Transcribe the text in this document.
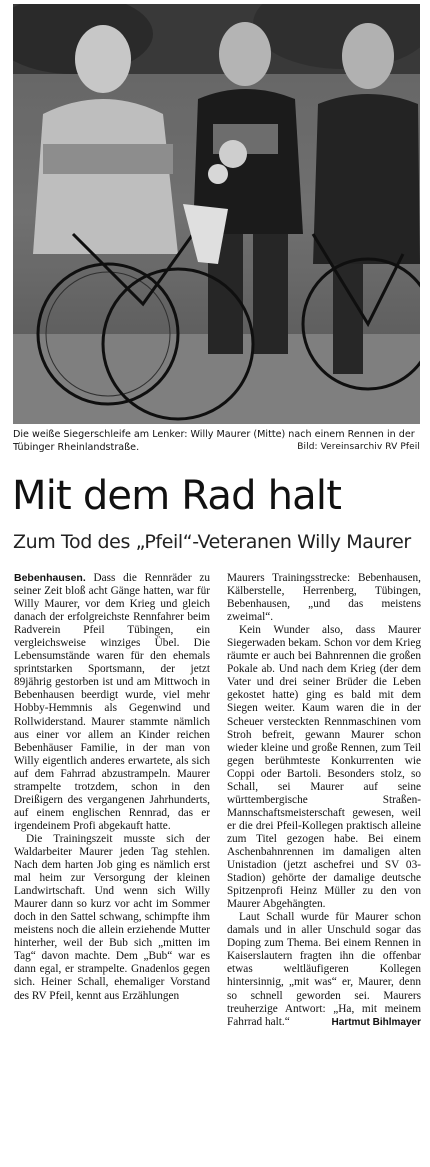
Die weiße Siegerschleife am Lenker: Willy Maurer (Mitte) nach einem Rennen in der Tübinger Rheinlandstraße.	Bild: Vereinsarchiv RV Pfeil
Mit dem Rad halt
Zum Tod des „Pfeil“-Veteranen Willy Maurer

Bebenhausen. Dass die Rennräder zu seiner Zeit bloß acht Gänge hatten, war für Willy Maurer, vor dem Krieg und gleich danach der erfolgreichste Rennfahrer beim Radverein Pfeil Tübingen, ein vergleichsweise winziges Übel. Die Lebensumstände waren für den ehemals sprintstarken Sportsmann, der jetzt 89jährig gestorben ist und am Mittwoch in Bebenhausen beerdigt wurde, viel mehr Hobby-Hemmnis als Gegenwind und Rollwiderstand. Maurer stammte nämlich aus einer vor allem an Kinder reichen Bebenhäuser Familie, in der man von Willy eigentlich anderes erwartete, als sich auf dem Fahrrad abzustrampeln. Maurer strampelte trotzdem, schon in den Dreißigern des vergangenen Jahrhunderts, auf einem englischen Rennrad, das er irgendeinem Profi abgekauft hatte.

Die Trainingszeit musste sich der Waldarbeiter Maurer jeden Tag stehlen. Nach dem harten Job ging es nämlich erst mal heim zur Versorgung der kleinen Landwirtschaft. Und wenn sich Willy Maurer dann so kurz vor acht im Sommer doch in den Sattel schwang, schimpfte ihm meistens noch die allein erziehende Mutter hinterher, weil der Bub sich „mitten im Tag“ davon machte. Dem „Bub“ war es dann egal, er strampelte. Gnadenlos gegen sich. Heiner Schall, ehemaliger Vorstand des RV Pfeil, kennt aus Erzählungen

Maurers Trainingsstrecke: Bebenhausen, Kälberstelle, Herrenberg, Tübingen, Bebenhausen, „und das meistens zweimal“.

Kein Wunder also, dass Maurer Siegerwaden bekam. Schon vor dem Krieg räumte er auch bei Bahnrennen die großen Pokale ab. Und nach dem Krieg (der dem Vater und drei seiner Brüder die Leben gekostet hatte) ging es bald mit dem Siegen weiter. Kaum waren die in der Scheuer versteckten Rennmaschinen vom Stroh befreit, gewann Maurer schon wieder kleine und große Rennen, zum Teil gegen berühmteste Konkurrenten wie Coppi oder Bartoli. Besonders stolz, so Schall, sei Maurer auf seine württembergische Straßen-Mannschaftsmeisterschaft gewesen, weil er die drei Pfeil-Kollegen praktisch alleine zum Titel gezogen habe. Bei einem Aschenbahnrennen im damaligen alten Unistadion (jetzt aschefrei und SV 03-Stadion) gehörte der damalige deutsche Spitzenprofi Heinz Müller zu den von Maurer Abgehängten.

Laut Schall wurde für Maurer schon damals und in aller Unschuld sogar das Doping zum Thema. Bei einem Rennen in Kaiserslautern fragten ihn die offenbar etwas weltläufigeren Kollegen hintersinnig, „mit was“ er, Maurer, denn so schnell geworden sei. Maurers treuherzige Antwort: „Ha, mit meinem Fahrrad halt.“	Hartmut Bihlmayer
